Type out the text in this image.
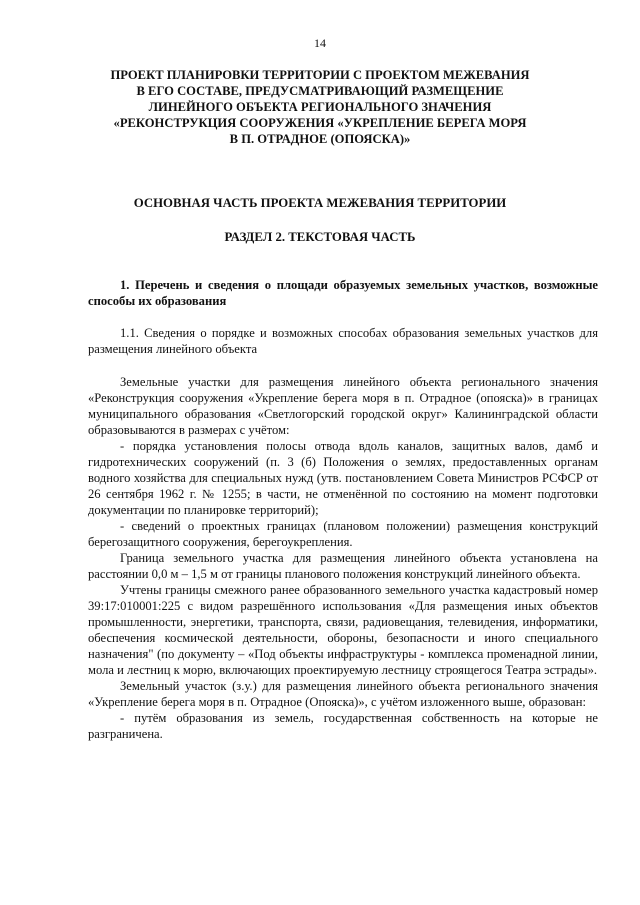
14
ПРОЕКТ ПЛАНИРОВКИ ТЕРРИТОРИИ С ПРОЕКТОМ МЕЖЕВАНИЯ
В ЕГО СОСТАВЕ, ПРЕДУСМАТРИВАЮЩИЙ РАЗМЕЩЕНИЕ
ЛИНЕЙНОГО ОБЪЕКТА РЕГИОНАЛЬНОГО ЗНАЧЕНИЯ
«РЕКОНСТРУКЦИЯ СООРУЖЕНИЯ «УКРЕПЛЕНИЕ БЕРЕГА МОРЯ
В П. ОТРАДНОЕ (ОПОЯСКА)»
ОСНОВНАЯ ЧАСТЬ ПРОЕКТА МЕЖЕВАНИЯ ТЕРРИТОРИИ
РАЗДЕЛ 2. ТЕКСТОВАЯ ЧАСТЬ

1. Перечень и сведения о площади образуемых земельных участков, возможные способы их образования

1.1. Сведения о порядке и возможных способах образования земельных участков для размещения линейного объекта

Земельные участки для размещения линейного объекта регионального значения «Реконструкция сооружения «Укрепление берега моря в п. Отрадное (опояска)» в границах муниципального образования «Светлогорский городской округ» Калининградской области образовываются в размерах с учётом:

- порядка установления полосы отвода вдоль каналов, защитных валов, дамб и гидротехнических сооружений (п. 3 (б) Положения о землях, предоставленных органам водного хозяйства для специальных нужд (утв. постановлением Совета Министров РСФСР от 26 сентября 1962 г. № 1255; в части, не отменённой по состоянию на момент подготовки документации по планировке территорий);

- сведений о проектных границах (плановом положении) размещения конструкций берегозащитного сооружения, берегоукрепления.

Граница земельного участка для размещения линейного объекта установлена на расстоянии 0,0 м – 1,5 м от границы планового положения конструкций линейного объекта.

Учтены границы смежного ранее образованного земельного участка кадастровый номер 39:17:010001:225 с видом разрешённого использования «Для размещения иных объектов промышленности, энергетики, транспорта, связи, радиовещания, телевидения, информатики, обеспечения космической деятельности, обороны, безопасности и иного специального назначения" (по документу – «Под объекты инфраструктуры - комплекса променадной линии, мола и лестниц к морю, включающих проектируемую лестницу строящегося Театра эстрады».

Земельный участок (з.у.) для размещения линейного объекта регионального значения «Укрепление берега моря в п. Отрадное (Опояска)», с учётом изложенного выше, образован:

- путём образования из земель, государственная собственность на которые не разграничена.
